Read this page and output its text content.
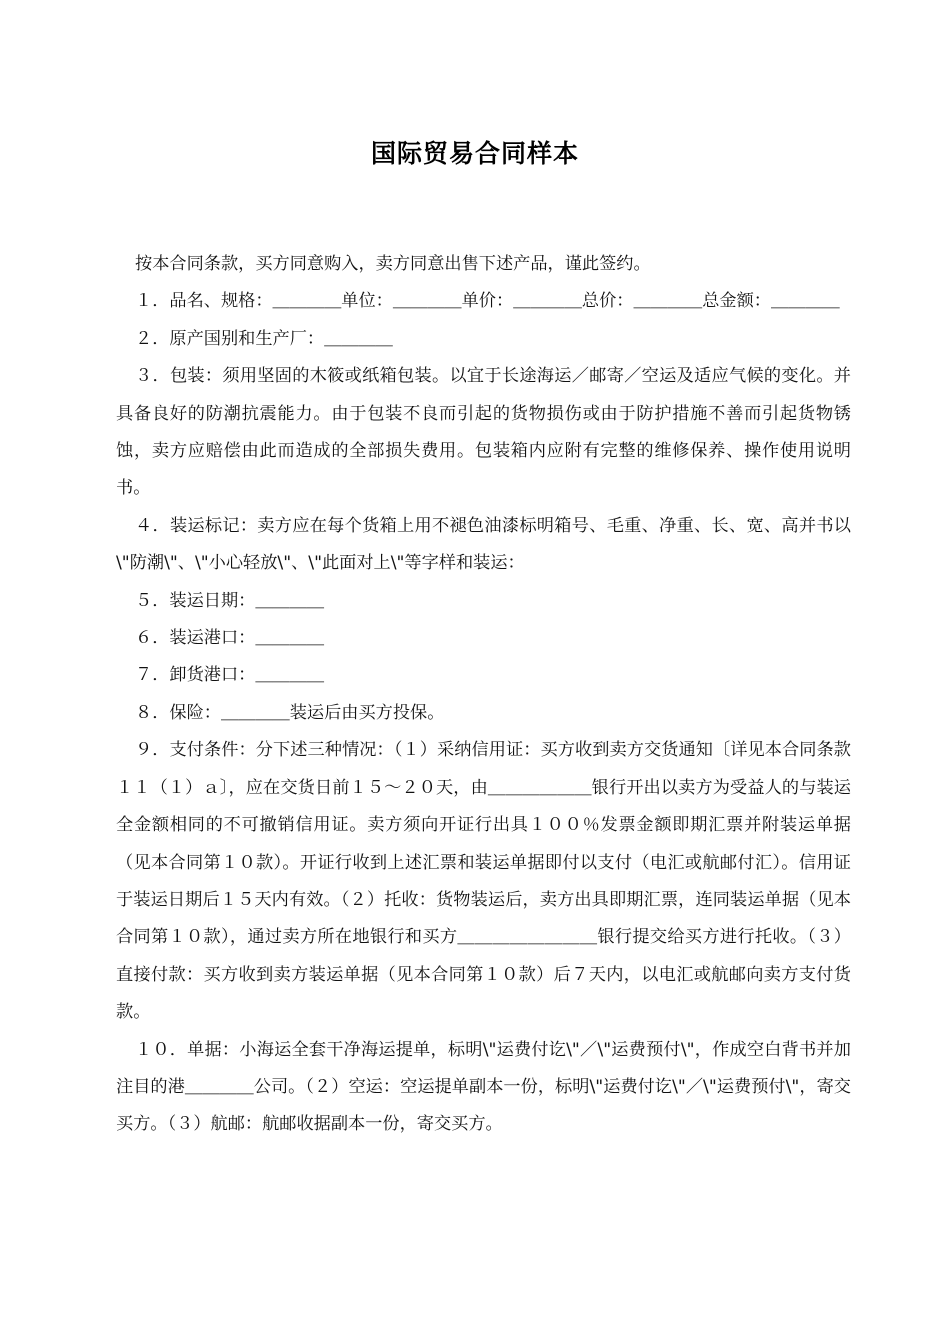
国际贸易合同样本

按本合同条款，买方同意购入，卖方同意出售下述产品，谨此签约。

１．品名、规格：＿＿＿＿单位：＿＿＿＿单价：＿＿＿＿总价：＿＿＿＿总金额：＿＿＿＿

２．原产国别和生产厂：＿＿＿＿

３．包装：须用坚固的木筱或纸箱包装。以宜于长途海运／邮寄／空运及适应气候的变化。并具备良好的防潮抗震能力。由于包装不良而引起的货物损伤或由于防护措施不善而引起货物锈蚀，卖方应赔偿由此而造成的全部损失费用。包装箱内应附有完整的维修保养、操作使用说明书。

４．装运标记：卖方应在每个货箱上用不褪色油漆标明箱号、毛重、净重、长、宽、高并书以\"防潮\"、\"小心轻放\"、\"此面对上\"等字样和装运：

５．装运日期：＿＿＿＿

６．装运港口：＿＿＿＿

７．卸货港口：＿＿＿＿

８．保险：＿＿＿＿装运后由买方投保。

９．支付条件：分下述三种情况：（１）采纳信用证：买方收到卖方交货通知〔详见本合同条款１１（１）ａ〕，应在交货日前１５～２０天，由＿＿＿＿＿＿银行开出以卖方为受益人的与装运全金额相同的不可撤销信用证。卖方须向开证行出具１００％发票金额即期汇票并附装运单据（见本合同第１０款）。开证行收到上述汇票和装运单据即付以支付（电汇或航邮付汇）。信用证于装运日期后１５天内有效。（２）托收：货物装运后，卖方出具即期汇票，连同装运单据（见本合同第１０款），通过卖方所在地银行和买方＿＿＿＿＿＿＿＿银行提交给买方进行托收。（３）直接付款：买方收到卖方装运单据（见本合同第１０款）后７天内，以电汇或航邮向卖方支付货款。

１０．单据：小海运全套干净海运提单，标明\"运费付讫\"／\"运费预付\"，作成空白背书并加注目的港＿＿＿＿公司。（２）空运：空运提单副本一份，标明\"运费付讫\"／\"运费预付\"，寄交买方。（３）航邮：航邮收据副本一份，寄交买方。
